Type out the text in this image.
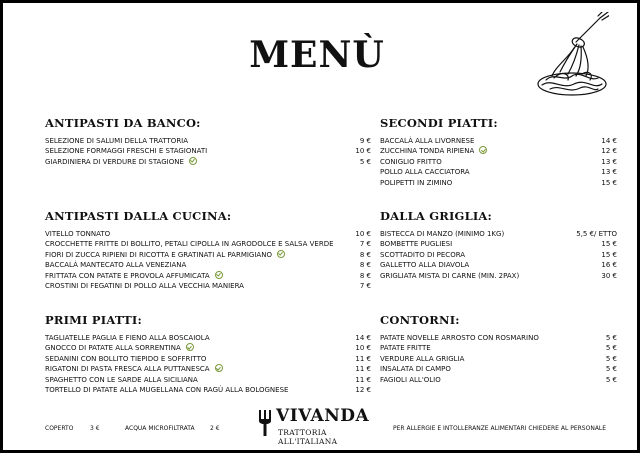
MENÙ
ANTIPASTI DA BANCO:
SELEZIONE DI SALUMI DELLA TRATTORIA	9 €
SELEZIONE FORMAGGI FRESCHI E STAGIONATI	10 €
GIARDINIERA DI VERDURE DI STAGIONE	5 €
ANTIPASTI DALLA CUCINA:
VITELLO TONNATO	10 €
CROCCHETTE FRITTE DI BOLLITO, PETALI CIPOLLA IN AGRODOLCE E SALSA VERDE	7 €
FIORI DI ZUCCA RIPIENI DI RICOTTA E GRATINATI AL PARMIGIANO	8 €
BACCALÀ MANTECATO ALLA VENEZIANA	8 €
FRITTATA CON PATATE E PROVOLA AFFUMICATA	8 €
CROSTINI DI FEGATINI DI POLLO ALLA VECCHIA MANIERA	7 €
PRIMI PIATTI:
TAGLIATELLE PAGLIA E FIENO ALLA BOSCAIOLA	14 €
GNOCCO DI PATATE ALLA SORRENTINA	10 €
SEDANINI CON BOLLITO TIEPIDO E SOFFRITTO	11 €
RIGATONI DI PASTA FRESCA ALLA PUTTANESCA	11 €
SPAGHETTO CON LE SARDE ALLA SICILIANA	11 €
TORTELLO DI PATATE ALLA MUGELLANA CON RAGÙ ALLA BOLOGNESE	12 €
SECONDI PIATTI:
BACCALÀ ALLA LIVORNESE	14 €
ZUCCHINA TONDA RIPIENA	12 €
CONIGLIO FRITTO	13 €
POLLO ALLA CACCIATORA	13 €
POLIPETTI IN ZIMINO	15 €
DALLA GRIGLIA:
BISTECCA DI MANZO (MINIMO 1KG)	5,5 €/ ETTO
BOMBETTE PUGLIESI	15 €
SCOTTADITO DI PECORA	15 €
GALLETTO ALLA DIAVOLA	16 €
GRIGLIATA MISTA DI CARNE (MIN. 2PAX)	30 €
CONTORNI:
PATATE NOVELLE ARROSTO CON ROSMARINO	5 €
PATATE FRITTE	5 €
VERDURE ALLA GRIGLIA	5 €
INSALATA DI CAMPO	5 €
FAGIOLI ALL'OLIO	5 €
COPERTO	3 €	ACQUA MICROFILTRATA	2 €	PER ALLERGIE E INTOLLERANZE ALIMENTARI CHIEDERE AL PERSONALE
VIVANDA
TRATTORIA ALL'ITALIANA
